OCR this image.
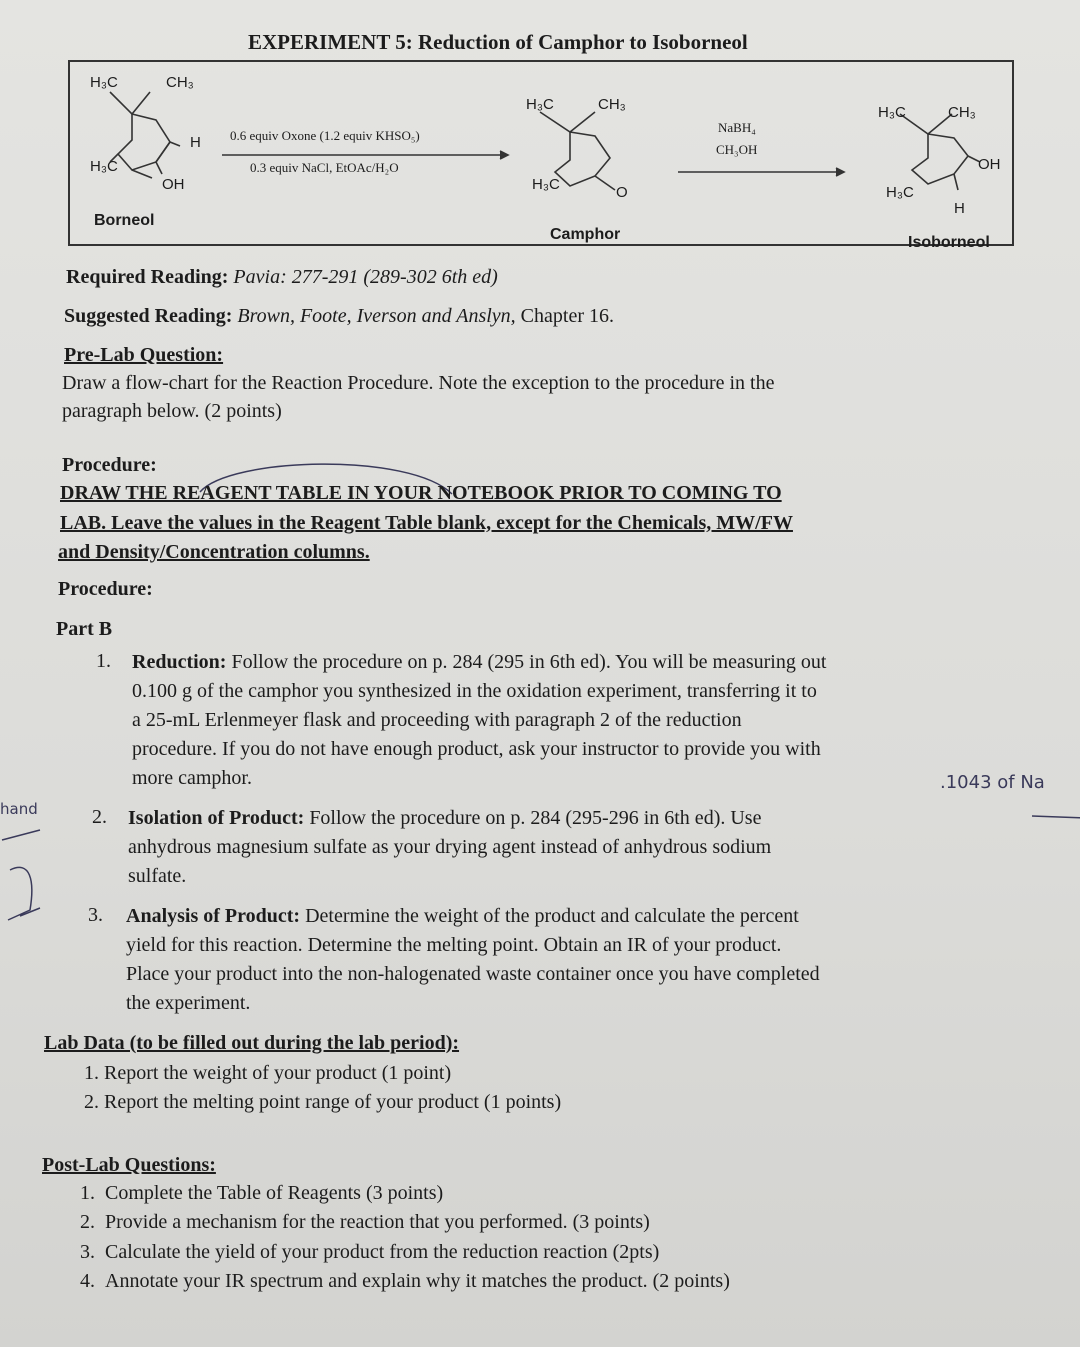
EXPERIMENT 5: Reduction of Camphor to Isoborneol
H₃C	CH₃
H
H₃C
OH
Borneol
0.6 equiv Oxone (1.2 equiv KHSO₅)
0.3 equiv NaCl, EtOAc/H₂O
H₃C	CH₃
H₃C	O
Camphor
NaBH₄
CH₃OH
H₃C	CH₃
OH
H₃C
H
Isoborneol
Required Reading: Pavia: 277-291 (289-302 6th ed)
Suggested Reading: Brown, Foote, Iverson and Anslyn, Chapter 16.
Pre-Lab Question:
Draw a flow-chart for the Reaction Procedure. Note the exception to the procedure in the
paragraph below. (2 points)
Procedure:
DRAW THE REAGENT TABLE IN YOUR NOTEBOOK PRIOR TO COMING TO
LAB. Leave the values in the Reagent Table blank, except for the Chemicals, MW/FW
and Density/Concentration columns.
Procedure:
Part B
1. Reduction: Follow the procedure on p. 284 (295 in 6th ed). You will be measuring out
0.100 g of the camphor you synthesized in the oxidation experiment, transferring it to
a 25-mL Erlenmeyer flask and proceeding with paragraph 2 of the reduction
procedure. If you do not have enough product, ask your instructor to provide you with
more camphor.	.1043 of Na
hand	2. Isolation of Product: Follow the procedure on p. 284 (295-296 in 6th ed). Use
anhydrous magnesium sulfate as your drying agent instead of anhydrous sodium
sulfate.
3. Analysis of Product: Determine the weight of the product and calculate the percent
yield for this reaction. Determine the melting point. Obtain an IR of your product.
Place your product into the non-halogenated waste container once you have completed
the experiment.
Lab Data (to be filled out during the lab period):
1. Report the weight of your product (1 point)
2. Report the melting point range of your product (1 points)
Post-Lab Questions:
1. Complete the Table of Reagents (3 points)
2. Provide a mechanism for the reaction that you performed. (3 points)
3. Calculate the yield of your product from the reduction reaction (2pts)
4. Annotate your IR spectrum and explain why it matches the product. (2 points)
